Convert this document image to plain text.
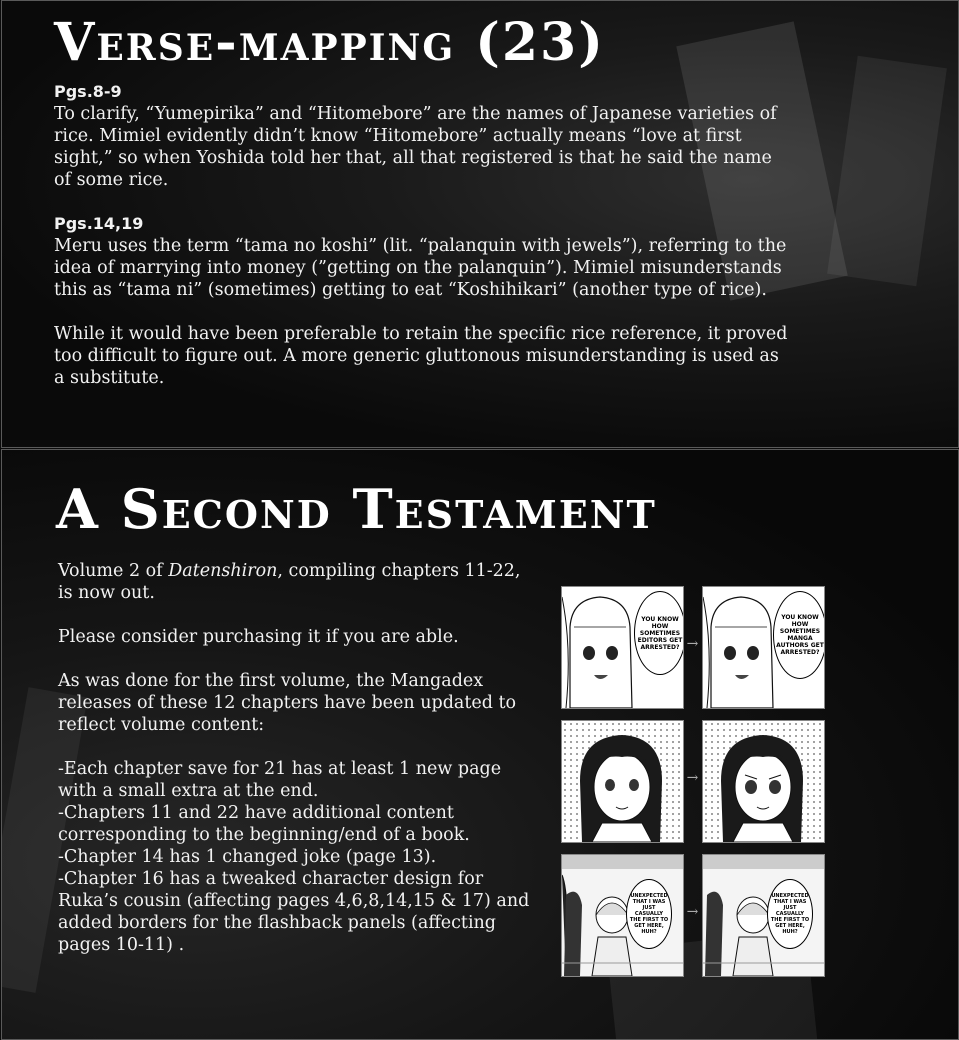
Verse-mapping (23)

Pgs.8-9

To clarify, “Yumepirika” and “Hitomebore” are the names of Japanese varieties of rice. Mimiel evidently didn’t know “Hitomebore” actually means “love at first sight,” so when Yoshida told her that, all that registered is that he said the name of some rice.

Pgs.14,19

Meru uses the term “tama no koshi” (lit. “palanquin with jewels”), referring to the idea of marrying into money (”getting on the palanquin”). Mimiel misunderstands this as “tama ni” (sometimes) getting to eat “Koshihikari” (another type of rice).

While it would have been preferable to retain the specific rice reference, it proved too difficult to figure out. A more generic gluttonous misunderstanding is used as a substitute.

A Second Testament

Volume 2 of Datenshiron, compiling chapters 11-22, is now out.

Please consider purchasing it if you are able.

As was done for the first volume, the Mangadex releases of these 12 chapters have been updated to reflect volume content:

-Each chapter save for 21 has at least 1 new page with a small extra at the end.

-Chapters 11 and 22 have additional content corresponding to the beginning/end of a book.

-Chapter 14 has 1 changed joke (page 13).

-Chapter 16 has a tweaked character design for Ruka’s cousin (affecting pages 4,6,8,14,15 & 17) and added borders for the flashback panels (affecting pages 10-11) .

YOU KNOW HOW SOMETIMES EDITORS GET ARRESTED? →
YOU KNOW HOW SOMETIMES MANGA AUTHORS GET ARRESTED?
→
UNEXPECTED THAT I WAS JUST CASUALLY THE FIRST TO GET HERE, HUH?
→
UNEXPECTED THAT I WAS JUST CASUALLY THE FIRST TO GET HERE, HUH?
